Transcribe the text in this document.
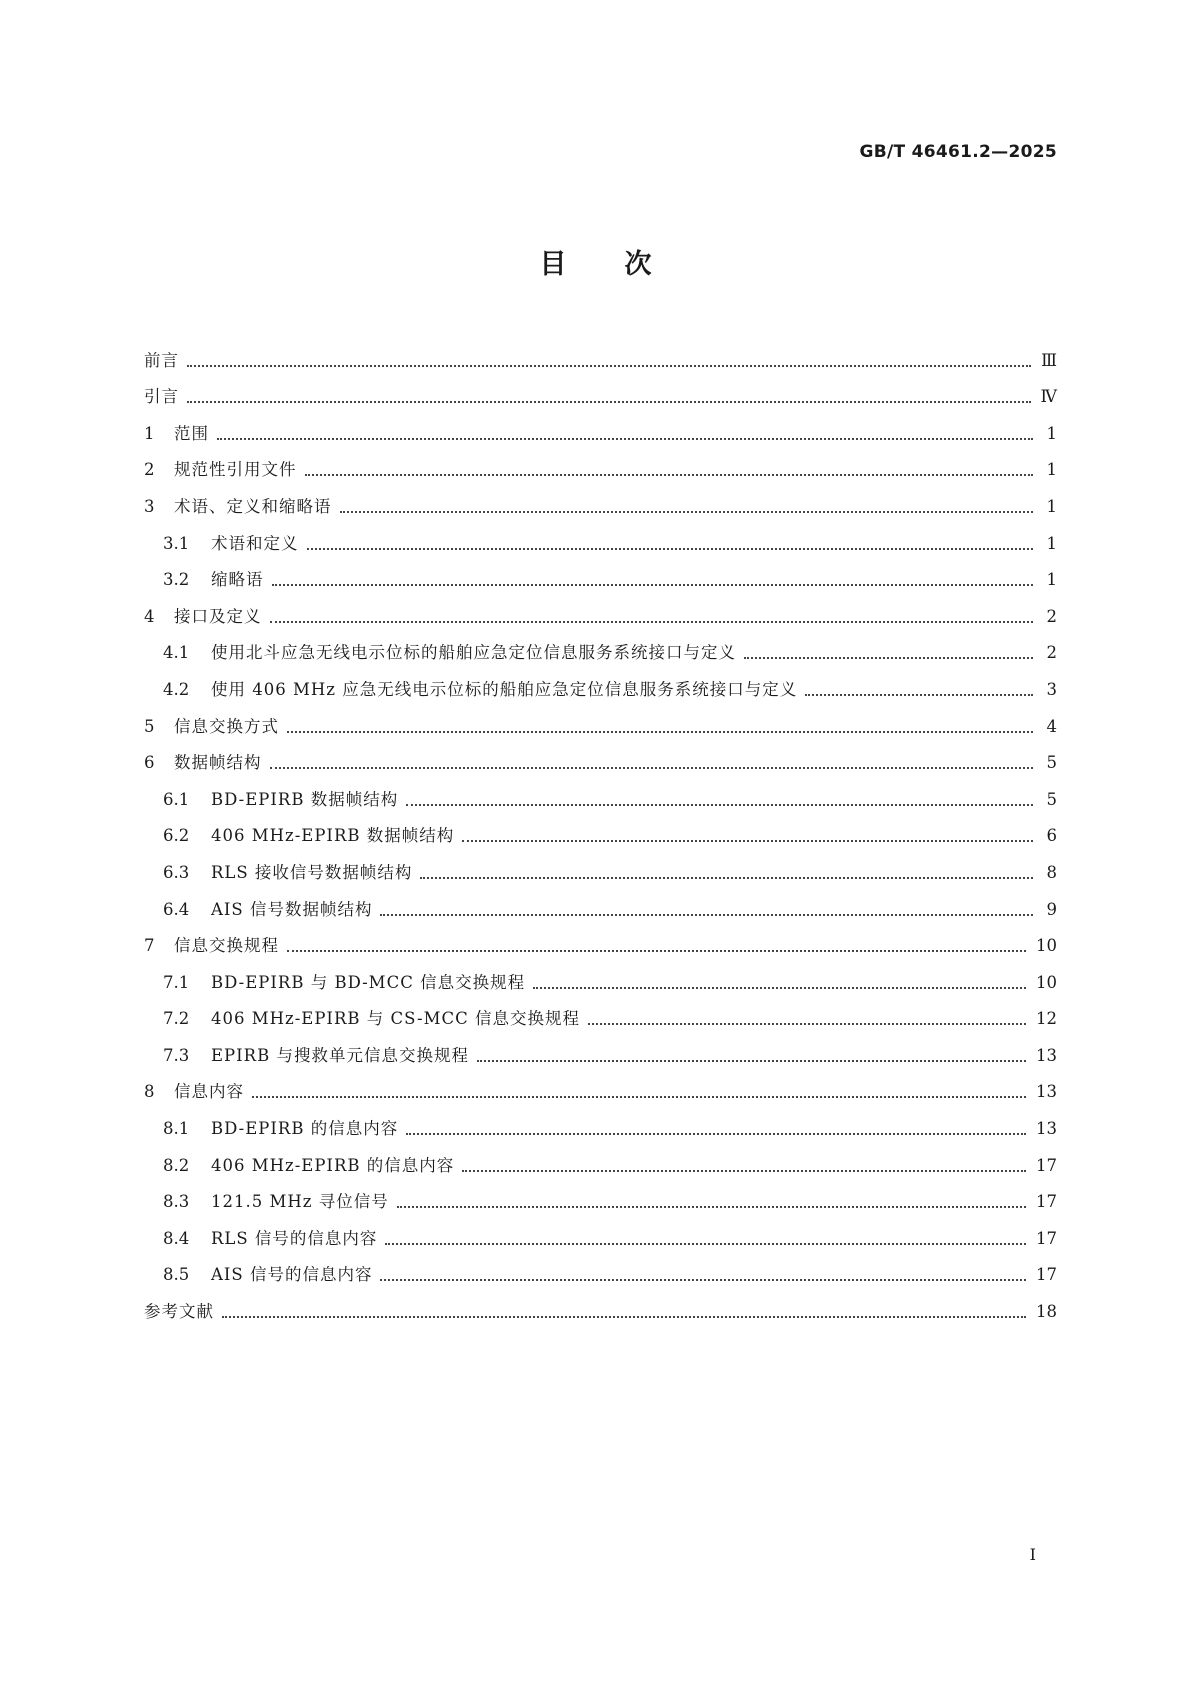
GB/T 46461.2—2025
目次
前言	Ⅲ
引言	Ⅳ
1	范围	1
2	规范性引用文件	1
3	术语、定义和缩略语	1
3.1	术语和定义	1
3.2	缩略语	1
4	接口及定义	2
4.1	使用北斗应急无线电示位标的船舶应急定位信息服务系统接口与定义	2
4.2	使用 406 MHz 应急无线电示位标的船舶应急定位信息服务系统接口与定义	3
5	信息交换方式	4
6	数据帧结构	5
6.1	BD-EPIRB 数据帧结构	5
6.2	406 MHz-EPIRB 数据帧结构	6
6.3	RLS 接收信号数据帧结构	8
6.4	AIS 信号数据帧结构	9
7	信息交换规程	10
7.1	BD-EPIRB 与 BD-MCC 信息交换规程	10
7.2	406 MHz-EPIRB 与 CS-MCC 信息交换规程	12
7.3	EPIRB 与搜救单元信息交换规程	13
8	信息内容	13
8.1	BD-EPIRB 的信息内容	13
8.2	406 MHz-EPIRB 的信息内容	17
8.3	121.5 MHz 寻位信号	17
8.4	RLS 信号的信息内容	17
8.5	AIS 信号的信息内容	17
参考文献	18
Ⅰ
